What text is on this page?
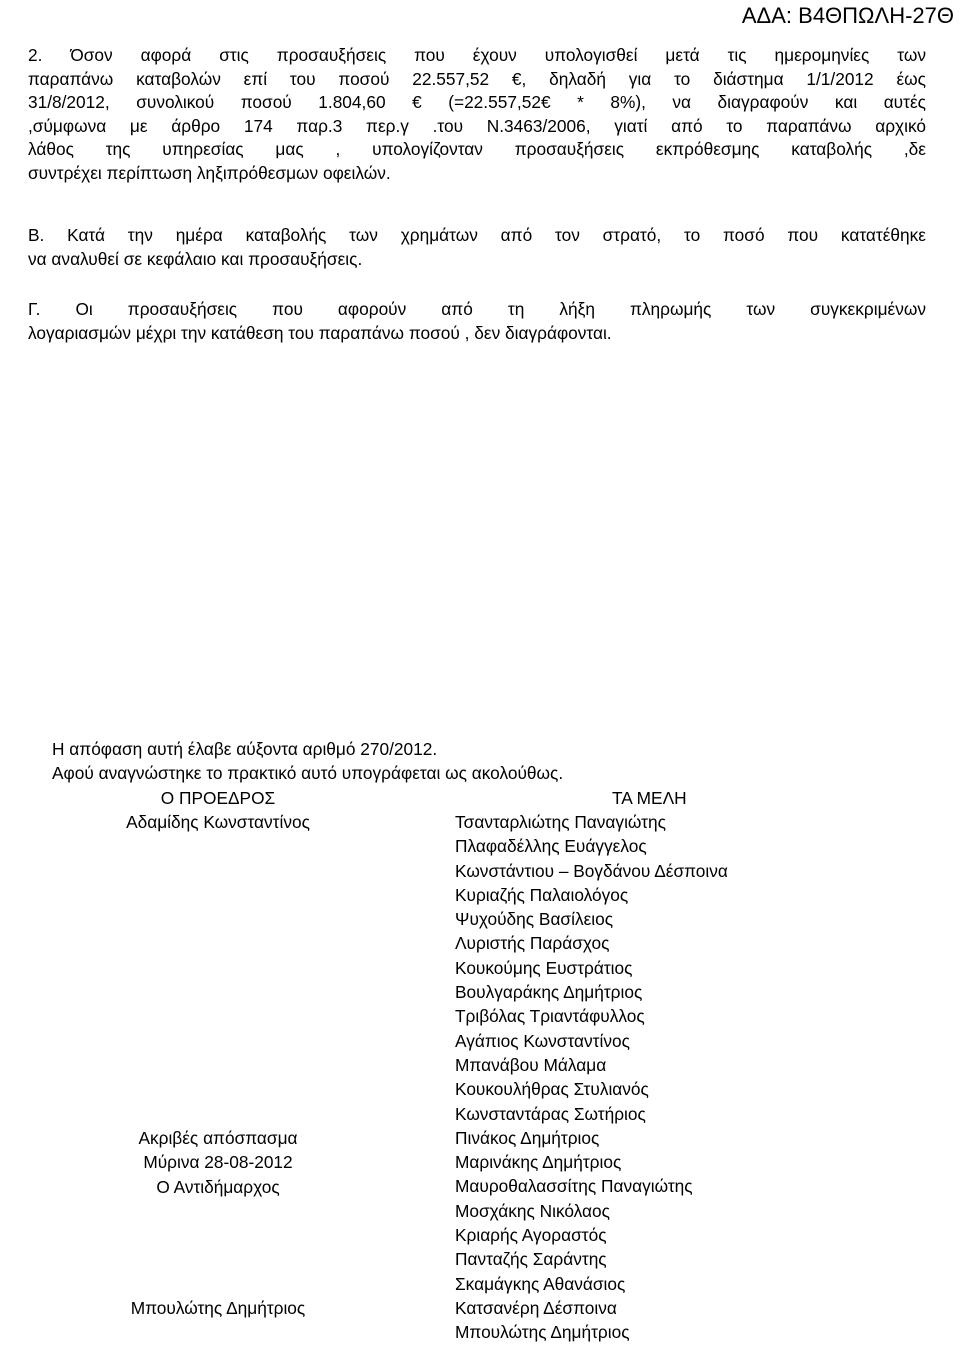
ΑΔΑ: Β4ΘΠΩΛΗ-27Θ
2. Όσον αφορά στις προσαυξήσεις που έχουν υπολογισθεί μετά τις ημερομηνίες των
παραπάνω καταβολών επί του ποσού 22.557,52 €, δηλαδή για το διάστημα 1/1/2012 έως
31/8/2012, συνολικού ποσού 1.804,60 € (=22.557,52€ * 8%), να διαγραφούν και αυτές
,σύμφωνα με άρθρο 174 παρ.3 περ.γ .του Ν.3463/2006, γιατί από το παραπάνω αρχικό
λάθος της υπηρεσίας μας , υπολογίζονταν προσαυξήσεις εκπρόθεσμης καταβολής ,δε
συντρέχει περίπτωση ληξιπρόθεσμων οφειλών.
Β. Κατά την ημέρα καταβολής των χρημάτων από τον στρατό, το ποσό που κατατέθηκε
να αναλυθεί σε κεφάλαιο και προσαυξήσεις.
Γ. Οι προσαυξήσεις που αφορούν από τη λήξη πληρωμής των συγκεκριμένων
λογαριασμών μέχρι την κατάθεση του παραπάνω ποσού , δεν διαγράφονται.
Η απόφαση αυτή έλαβε αύξοντα αριθμό 270/2012.
Αφού αναγνώστηκε το πρακτικό αυτό υπογράφεται ως ακολούθως.
Ο ΠΡΟΕΔΡΟΣ
Αδαμίδης Κωνσταντίνος
Ακριβές απόσπασμα
Μύρινα 28-08-2012
Ο Αντιδήμαρχος
Μπουλώτης Δημήτριος
ΤΑ ΜΕΛΗ
Τσανταρλιώτης Παναγιώτης
Πλαφαδέλλης Ευάγγελος
Κωνστάντιου – Βογδάνου Δέσποινα
Κυριαζής Παλαιολόγος
Ψυχούδης Βασίλειος
Λυριστής Παράσχος
Κουκούμης Ευστράτιος
Βουλγαράκης Δημήτριος
Τριβόλας Τριαντάφυλλος
Αγάπιος Κωνσταντίνος
Μπανάβου Μάλαμα
Κουκουλήθρας Στυλιανός
Κωνσταντάρας Σωτήριος
Πινάκος Δημήτριος
Μαρινάκης Δημήτριος
Μαυροθαλασσίτης Παναγιώτης
Μοσχάκης Νικόλαος
Κριαρής Αγοραστός
Πανταζής Σαράντης
Σκαμάγκης Αθανάσιος
Κατσανέρη Δέσποινα
Μπουλώτης Δημήτριος
